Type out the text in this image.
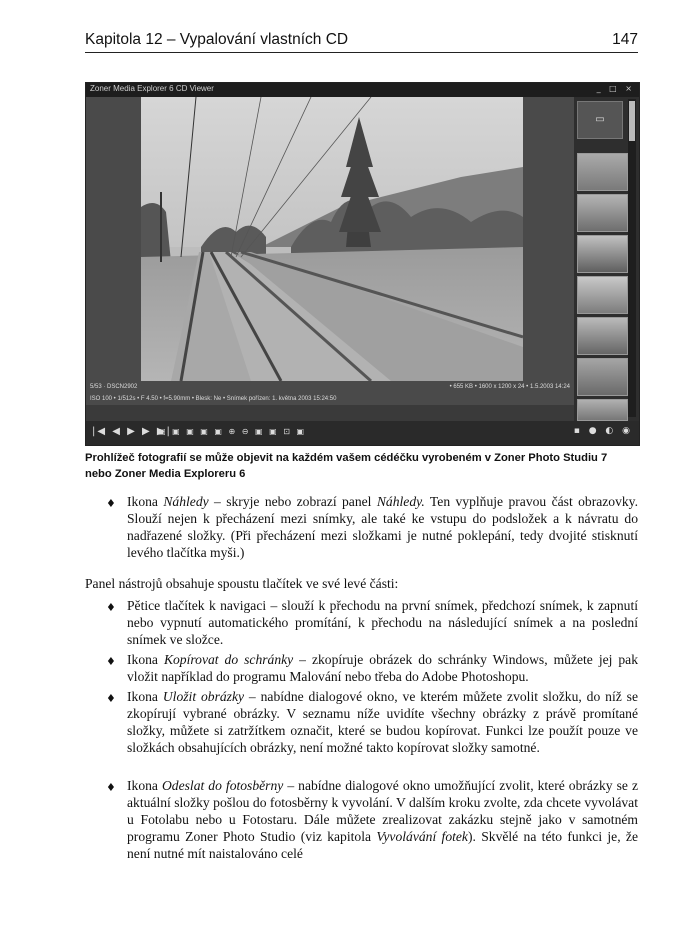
Kapitola 12 – Vypalování vlastních CD	147
Zoner Media Explorer 6 CD Viewer	_ □ ×
5/53 · DSCN2902	• 655 KB • 1600 x 1200 x 24 • 1.5.2003 14:24
ISO 100 • 1/512s • F 4.50 • f=5.90mm • Blesk: Ne • Snímek pořízen: 1. května 2003 15:24:50
▭
|◀ ◀ ▶ ▶ ▶|
▣ ▣ ▣ ▣ ▣ ⊕ ⊖ ▣ ▣ ⊡ ▣	▪ ● ◐ ◉
Prohlížeč fotografií se může objevit na každém vašem cédéčku vyrobeném v Zoner Photo Studiu 7
nebo Zoner Media Exploreru 6
♦ Ikona Náhledy – skryje nebo zobrazí panel Náhledy. Ten vyplňuje pravou část obrazovky. Slouží nejen k přecházení mezi snímky, ale také ke vstupu do podsložek a k návratu do nadřazené složky. (Při přecházení mezi složkami je nutné poklepání, tedy dvojité stisknutí levého tlačítka myši.)
Panel nástrojů obsahuje spoustu tlačítek ve své levé části:
♦ Pětice tlačítek k navigaci – slouží k přechodu na první snímek, předchozí snímek, k zapnutí nebo vypnutí automatického promítání, k přechodu na následující snímek a na poslední snímek ve složce.
♦ Ikona Kopírovat do schránky – zkopíruje obrázek do schránky Windows, můžete jej pak vložit například do programu Malování nebo třeba do Adobe Photoshopu.
♦ Ikona Uložit obrázky – nabídne dialogové okno, ve kterém můžete zvolit složku, do níž se zkopírují vybrané obrázky. V seznamu níže uvidíte všechny obrázky z právě promítané složky, můžete si zatržítkem označit, které se budou kopírovat. Funkci lze použít pouze ve složkách obsahujících obrázky, není možné takto kopírovat složky samotné.
♦ Ikona Odeslat do fotosběrny – nabídne dialogové okno umožňující zvolit, které obrázky se z aktuální složky pošlou do fotosběrny k vyvolání. V dalším kroku zvolte, zda chcete vyvolávat u Fotolabu nebo u Fotostaru. Dále můžete zrealizovat zakázku stejně jako v samotném programu Zoner Photo Studio (viz kapitola Vyvolávání fotek). Skvělé na této funkci je, že není nutné mít naistalováno celé
